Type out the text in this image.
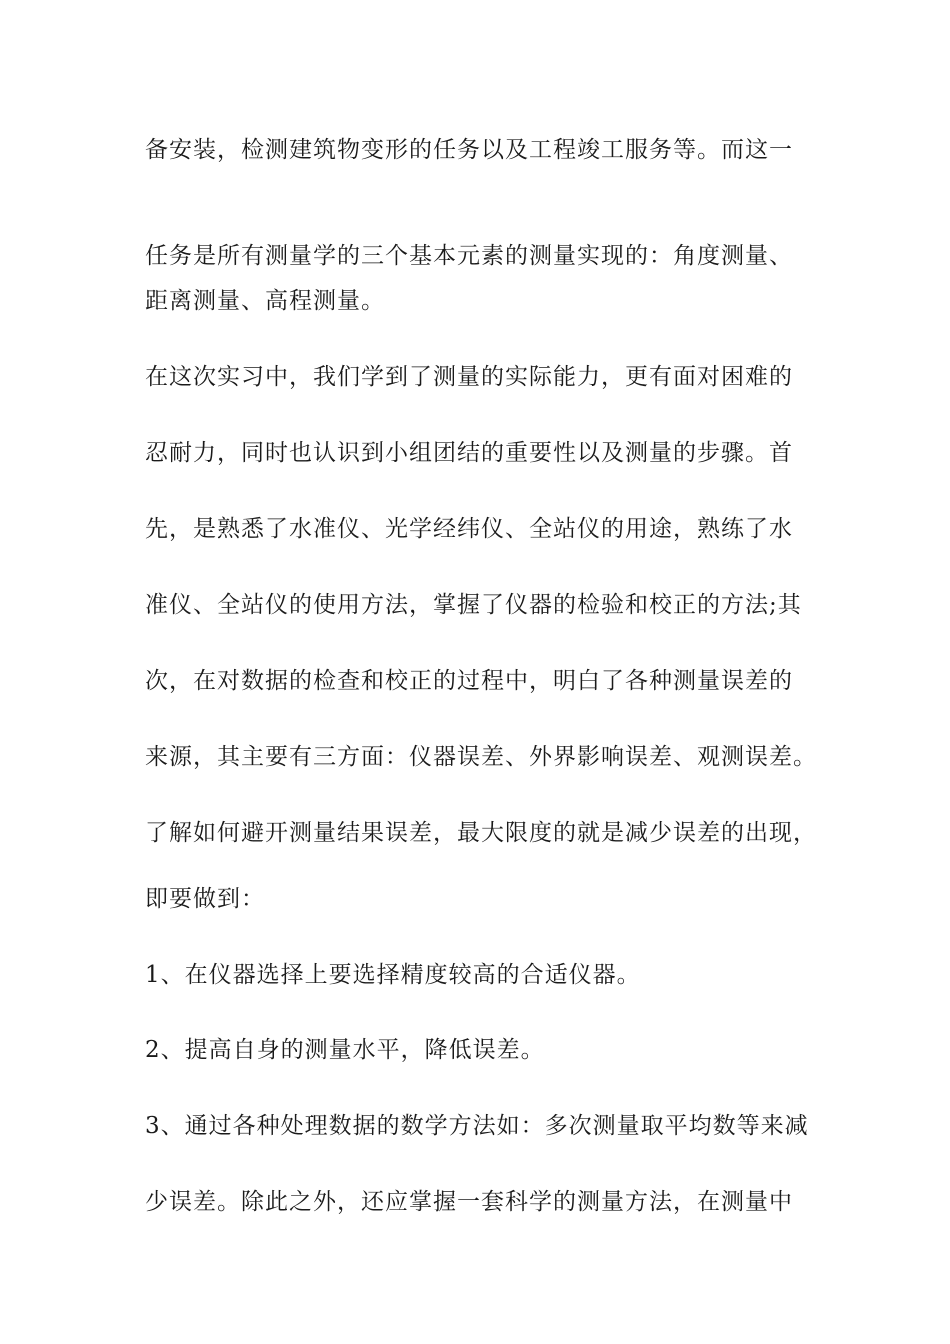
备安装，检测建筑物变形的任务以及工程竣工服务等。而这一
任务是所有测量学的三个基本元素的测量实现的：角度测量、
距离测量、高程测量。
在这次实习中，我们学到了测量的实际能力，更有面对困难的
忍耐力，同时也认识到小组团结的重要性以及测量的步骤。首
先，是熟悉了水准仪、光学经纬仪、全站仪的用途，熟练了水
准仪、全站仪的使用方法，掌握了仪器的检验和校正的方法;其
次，在对数据的检查和校正的过程中，明白了各种测量误差的
来源，其主要有三方面：仪器误差、外界影响误差、观测误差。
了解如何避开测量结果误差，最大限度的就是减少误差的出现，
即要做到：
1、在仪器选择上要选择精度较高的合适仪器。
2、提高自身的测量水平，降低误差。
3、通过各种处理数据的数学方法如：多次测量取平均数等来减
少误差。除此之外，还应掌握一套科学的测量方法，在测量中
